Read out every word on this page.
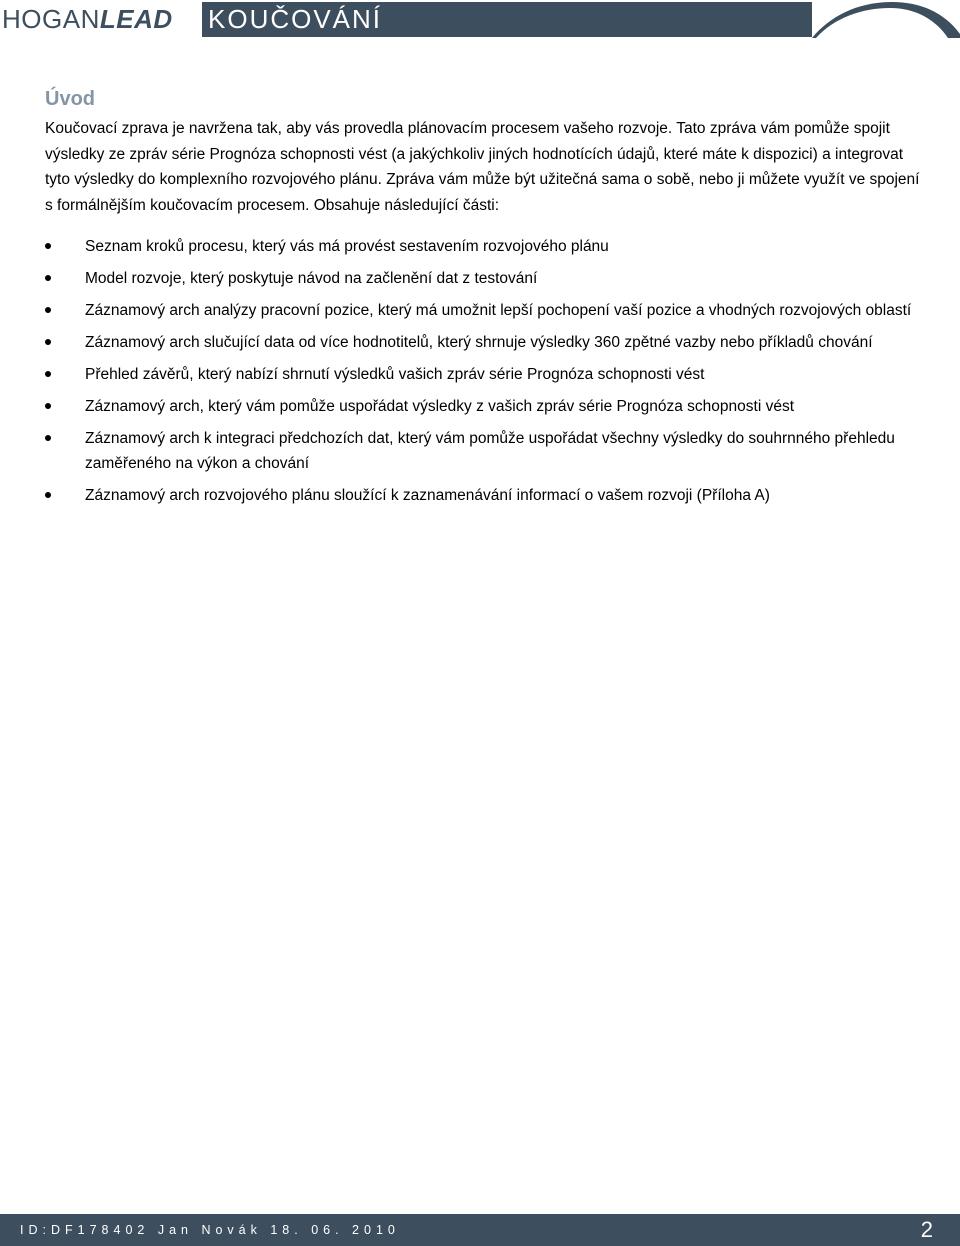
HOGANLEAD KOUČOVÁNÍ
Úvod

Koučovací zprava je navržena tak, aby vás provedla plánovacím procesem vašeho rozvoje. Tato zpráva vám pomůže spojit výsledky ze zpráv série Prognóza schopnosti vést (a jakýchkoliv jiných hodnotících údajů, které máte k dispozici) a integrovat tyto výsledky do komplexního rozvojového plánu. Zpráva vám může být užitečná sama o sobě, nebo ji můžete využít ve spojení s formálnějším koučovacím procesem. Obsahuje následující části:

Seznam kroků procesu, který vás má provést sestavením rozvojového plánu
Model rozvoje, který poskytuje návod na začlenění dat z testování
Záznamový arch analýzy pracovní pozice, který má umožnit lepší pochopení vaší pozice a vhodných rozvojových oblastí
Záznamový arch slučující data od více hodnotitelů, který shrnuje výsledky 360 zpětné vazby nebo příkladů chování
Přehled závěrů, který nabízí shrnutí výsledků vašich zpráv série Prognóza schopnosti vést
Záznamový arch, který vám pomůže uspořádat výsledky z vašich zpráv série Prognóza schopnosti vést
Záznamový arch k integraci předchozích dat, který vám pomůže uspořádat všechny výsledky do souhrnného přehledu zaměřeného na výkon a chování
Záznamový arch rozvojového plánu sloužící k zaznamenávání informací o vašem rozvoji (Příloha A)
ID:DF178402 Jan Novák 18. 06. 2010	2
